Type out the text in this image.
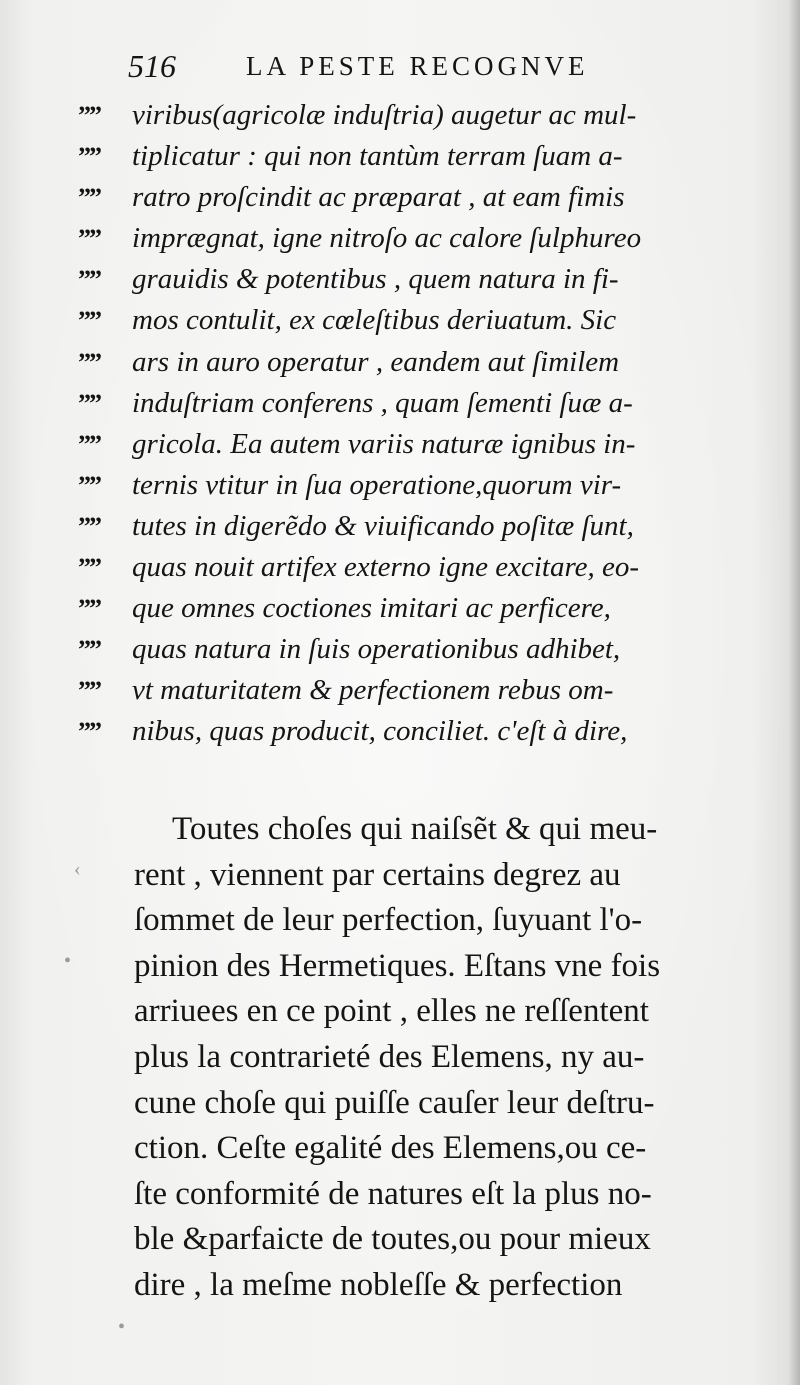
516	LA PESTE RECOGNVE
”” viribus(agricolæ induſtria) augetur ac mul-
”” tiplicatur : qui non tantùm terram ſuam a-
”” ratro proſcindit ac præparat , at eam fimis
”” imprægnat, igne nitroſo ac calore ſulphureo
”” grauidis & potentibus , quem natura in fi-
”” mos contulit, ex cœleſtibus deriuatum. Sic
”” ars in auro operatur , eandem aut ſimilem
”” induſtriam conferens , quam ſementi ſuæ a-
”” gricola. Ea autem variis naturæ ignibus in-
”” ternis vtitur in ſua operatione,quorum vir-
”” tutes in digerẽdo & viuificando poſitæ ſunt,
”” quas nouit artifex externo igne excitare, eo-
”” que omnes coctiones imitari ac perficere,
”” quas natura in ſuis operationibus adhibet,
”” vt maturitatem & perfectionem rebus om-
”” nibus, quas producit, conciliet. c'eſt à dire,
Toutes choſes qui naiſsẽt & qui meu-
rent , viennent par certains degrez au
ſommet de leur perfection, ſuyuant l'o-
pinion des Hermetiques. Eſtans vne fois
arriuees en ce point , elles ne reſſentent
plus la contrarieté des Elemens, ny au-
cune choſe qui puiſſe cauſer leur deſtru-
ction. Ceſte egalité des Elemens,ou ce-
ſte conformité de natures eſt la plus no-
ble &parfaicte de toutes,ou pour mieux
dire , la meſme nobleſſe & perfection
‹
•
•
